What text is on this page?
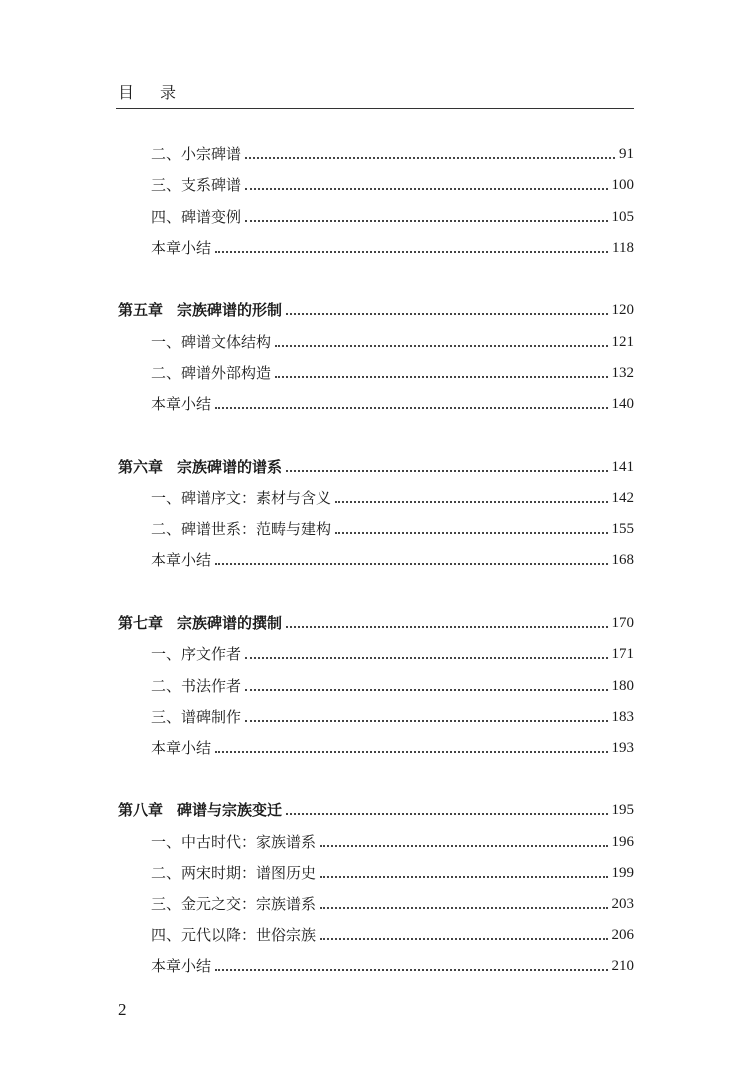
目录
二、小宗碑谱	91
三、支系碑谱	100
四、碑谱变例	105
本章小结	118
第五章 宗族碑谱的形制	120
一、碑谱文体结构	121
二、碑谱外部构造	132
本章小结	140
第六章 宗族碑谱的谱系	141
一、碑谱序文：素材与含义	142
二、碑谱世系：范畴与建构	155
本章小结	168
第七章 宗族碑谱的撰制	170
一、序文作者	171
二、书法作者	180
三、谱碑制作	183
本章小结	193
第八章 碑谱与宗族变迁	195
一、中古时代：家族谱系	196
二、两宋时期：谱图历史	199
三、金元之交：宗族谱系	203
四、元代以降：世俗宗族	206
本章小结	210
2
